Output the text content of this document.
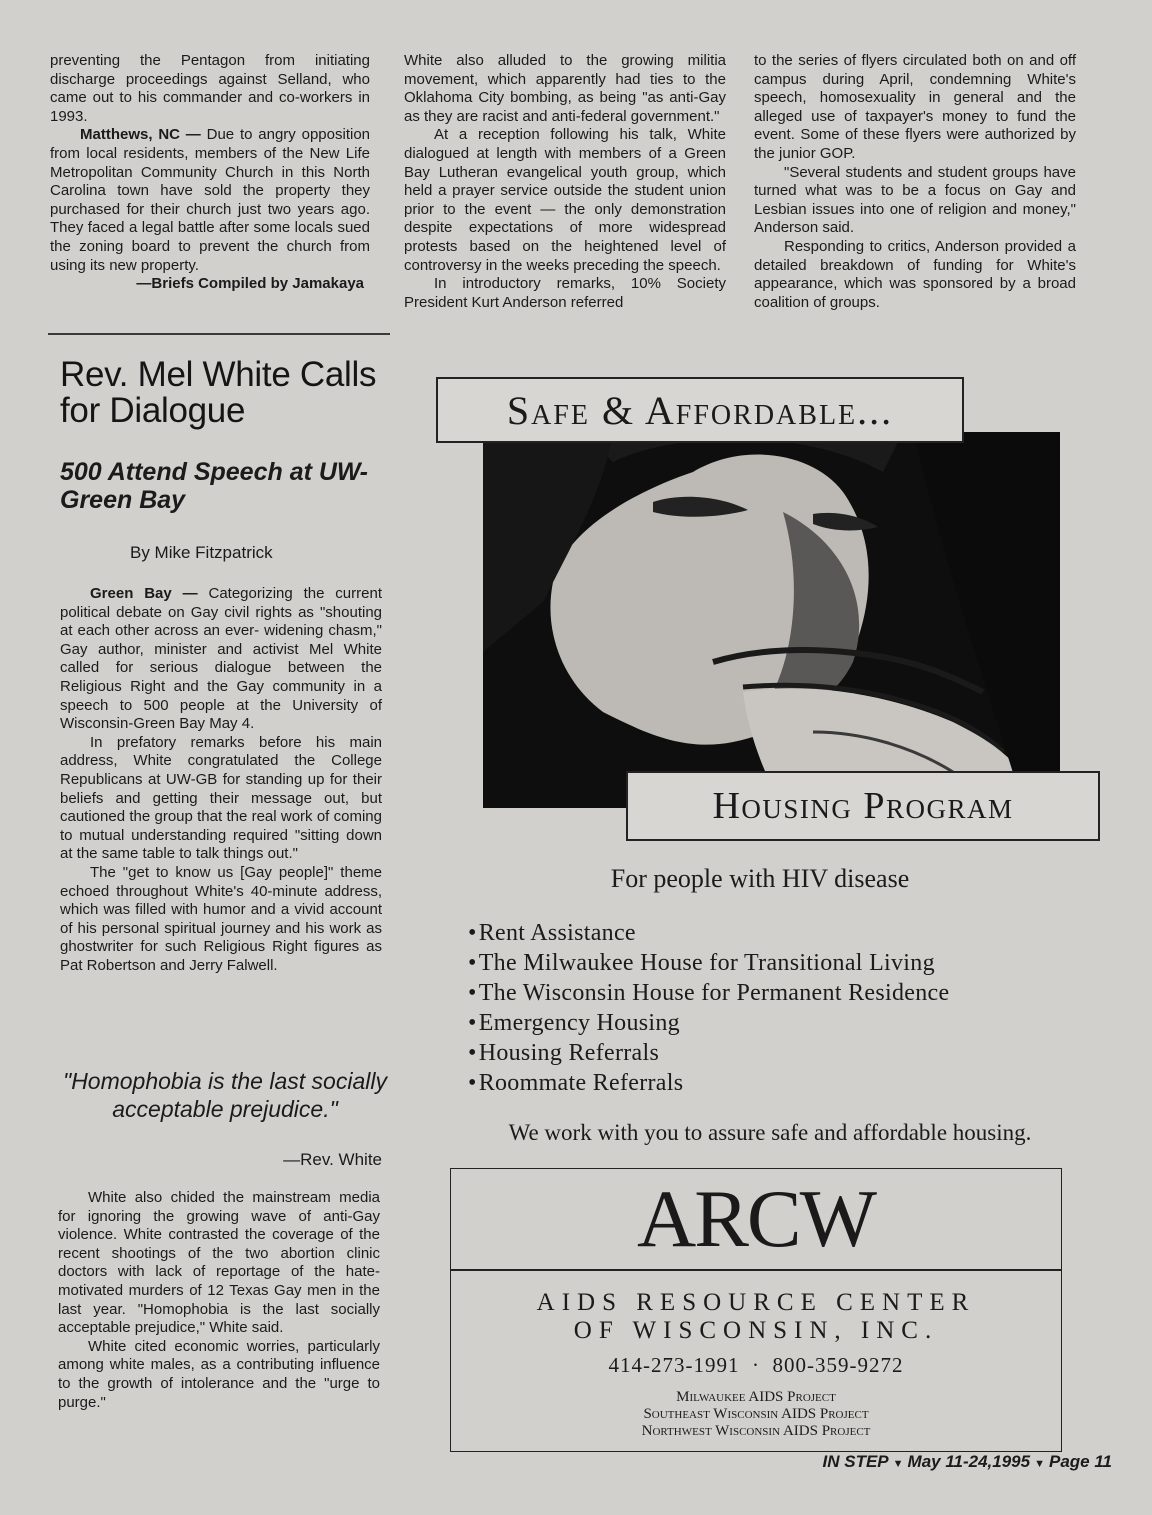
preventing the Pentagon from initiating discharge proceedings against Selland, who came out to his commander and co-workers in 1993.

Matthews, NC — Due to angry opposition from local residents, members of the New Life Metropolitan Community Church in this North Carolina town have sold the property they purchased for their church just two years ago. They faced a legal battle after some locals sued the zoning board to prevent the church from using its new property.

—Briefs Compiled by Jamakaya

White also alluded to the growing militia movement, which apparently had ties to the Oklahoma City bombing, as being "as anti-Gay as they are racist and anti-federal government."

At a reception following his talk, White dialogued at length with members of a Green Bay Lutheran evangelical youth group, which held a prayer service outside the student union prior to the event — the only demonstration despite expectations of more widespread protests based on the heightened level of controversy in the weeks preceding the speech.

In introductory remarks, 10% Society President Kurt Anderson referred

to the series of flyers circulated both on and off campus during April, condemning White's speech, homosexuality in general and the alleged use of taxpayer's money to fund the event. Some of these flyers were authorized by the junior GOP.

"Several students and student groups have turned what was to be a focus on Gay and Lesbian issues into one of religion and money," Anderson said.

Responding to critics, Anderson provided a detailed breakdown of funding for White's appearance, which was sponsored by a broad coalition of groups.

Rev. Mel White Calls for Dialogue
500 Attend Speech at UW-Green Bay
By Mike Fitzpatrick

Green Bay — Categorizing the current political debate on Gay civil rights as "shouting at each other across an ever- widening chasm," Gay author, minister and activist Mel White called for serious dialogue between the Religious Right and the Gay community in a speech to 500 people at the University of Wisconsin-Green Bay May 4.

In prefatory remarks before his main address, White congratulated the College Republicans at UW-GB for standing up for their beliefs and getting their message out, but cautioned the group that the real work of coming to mutual understanding required "sitting down at the same table to talk things out."

The "get to know us [Gay people]" theme echoed throughout White's 40-minute address, which was filled with humor and a vivid account of his personal spiritual journey and his work as ghostwriter for such Religious Right figures as Pat Robertson and Jerry Falwell.

"Homophobia is the last socially acceptable prejudice."
—Rev. White

White also chided the mainstream media for ignoring the growing wave of anti-Gay violence. White contrasted the coverage of the recent shootings of the two abortion clinic doctors with lack of reportage of the hate-motivated murders of 12 Texas Gay men in the last year. "Homophobia is the last socially acceptable prejudice," White said.

White cited economic worries, particularly among white males, as a contributing influence to the growth of intolerance and the "urge to purge."

Safe & Affordable...
Housing Program
For people with HIV disease
• Rent Assistance
• The Milwaukee House for Transitional Living
• The Wisconsin House for Permanent Residence
• Emergency Housing
• Housing Referrals
• Roommate Referrals
We work with you to assure safe and affordable housing.
ARCW
AIDS RESOURCE CENTER
OF WISCONSIN, INC.
414-273-1991 · 800-359-9272
Milwaukee AIDS Project
Southeast Wisconsin AIDS Project
Northwest Wisconsin AIDS Project
IN STEP ▼ May 11-24,1995 ▼ Page 11
